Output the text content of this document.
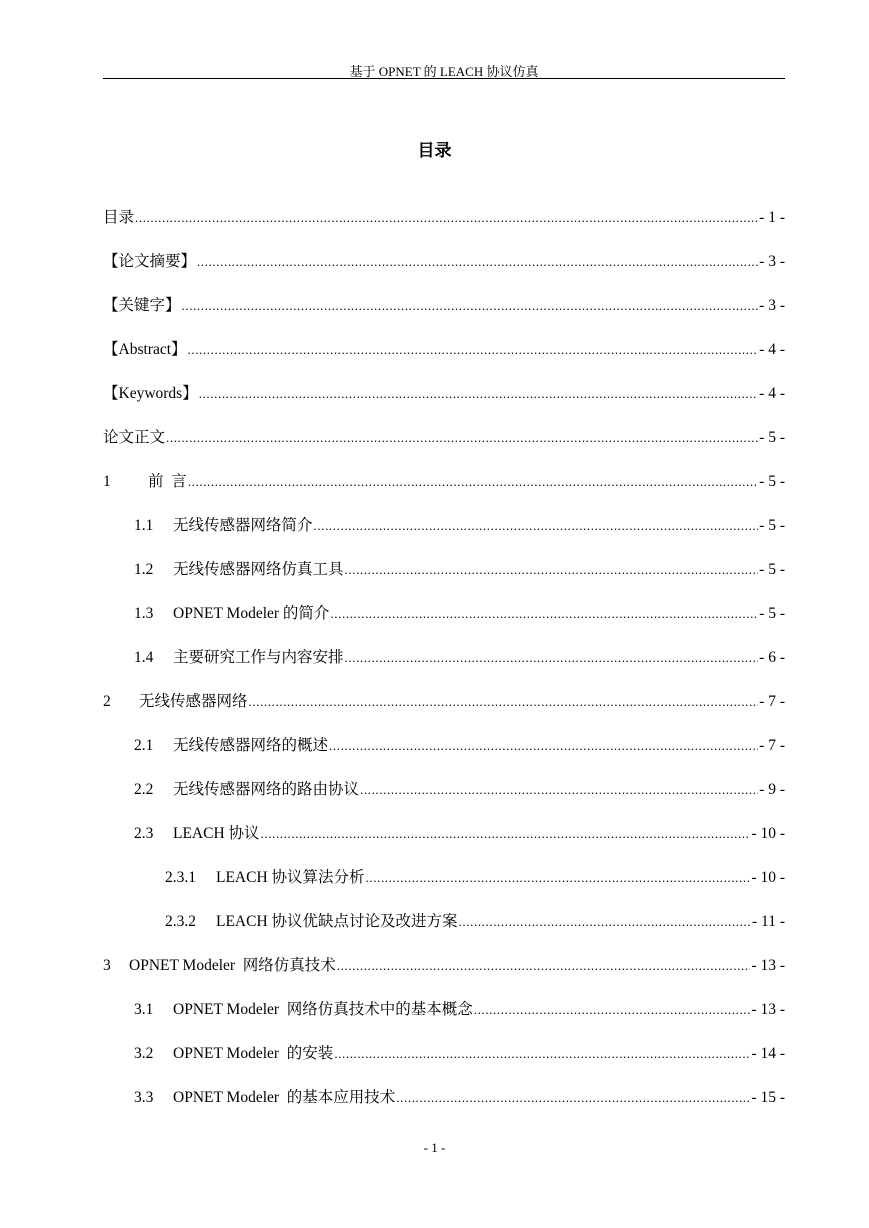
基于 OPNET 的 LEACH 协议仿真
目录
目录 .....	- 1 -
【论文摘要】 .....	- 3 -
【关键字】 .....	- 3 -
【Abstract】 .....	- 4 -
【Keywords】 .....	- 4 -
论文正文 .....	- 5 -
1	前  言 .....	- 5 -
1.1	无线传感器网络简介 .....	- 5 -
1.2	无线传感器网络仿真工具 .....	- 5 -
1.3	OPNET Modeler 的简介 .....	- 5 -
1.4	主要研究工作与内容安排 .....	- 6 -
2	无线传感器网络 .....	- 7 -
2.1	无线传感器网络的概述 .....	- 7 -
2.2	无线传感器网络的路由协议 .....	- 9 -
2.3	LEACH 协议 .....	- 10 -
2.3.1	LEACH 协议算法分析 .....	- 10 -
2.3.2	LEACH 协议优缺点讨论及改进方案 .....	- 11 -
3	OPNET Modeler  网络仿真技术 .....	- 13 -
3.1	OPNET Modeler  网络仿真技术中的基本概念 .....	- 13 -
3.2	OPNET Modeler  的安装 .....	- 14 -
3.3	OPNET Modeler  的基本应用技术 .....	- 15 -
- 1 -
